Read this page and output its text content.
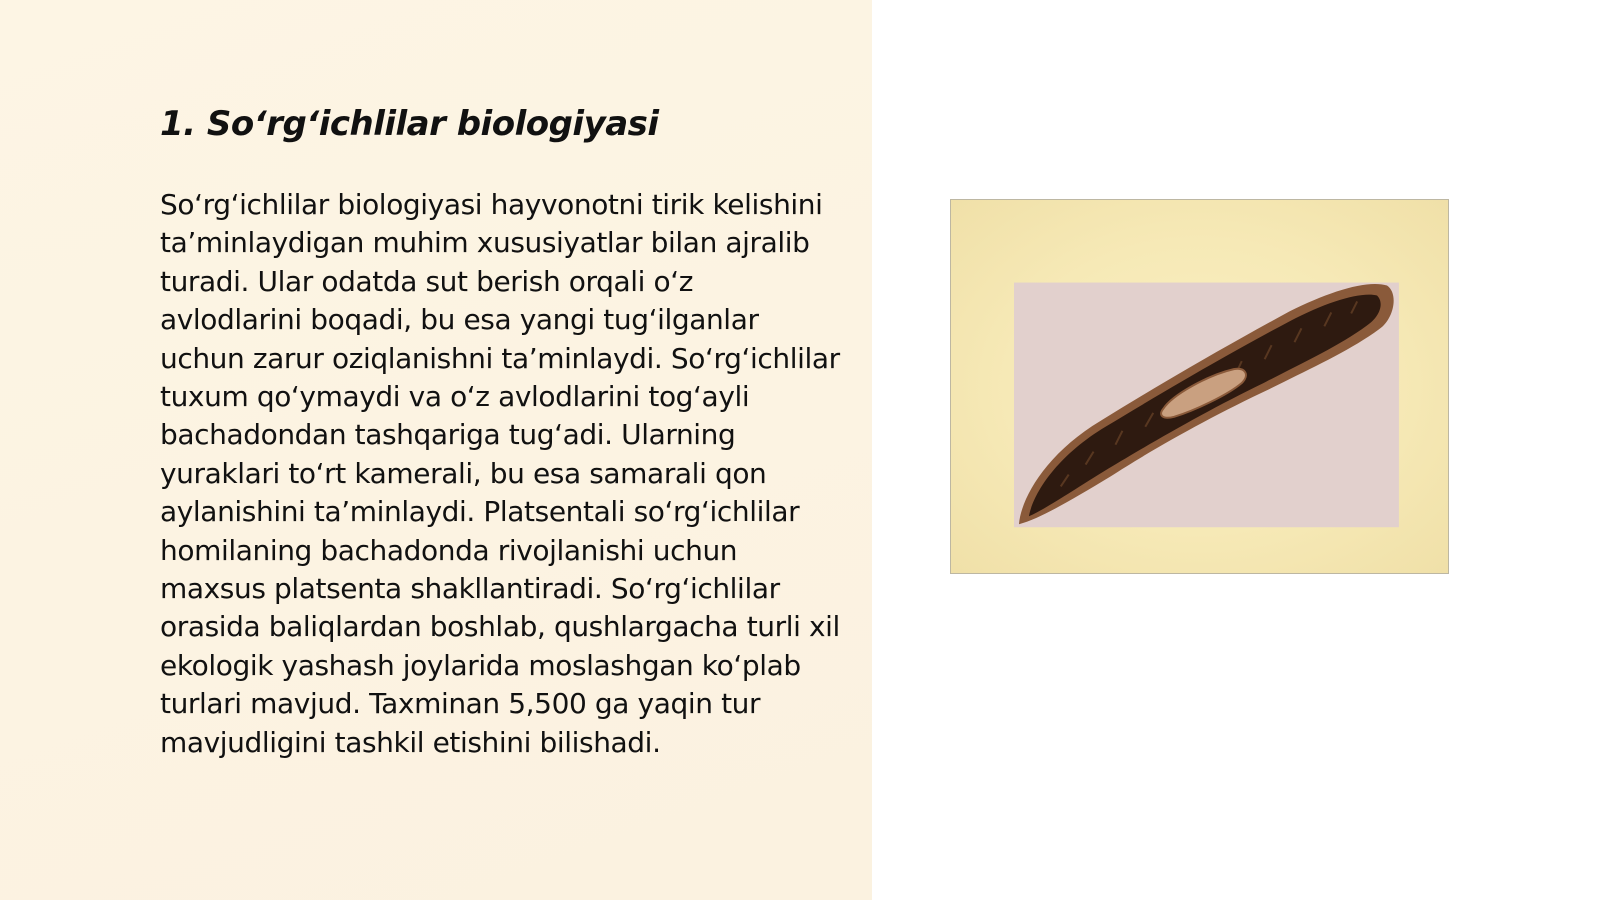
1. So‘rg‘ichlilar biologiyasi

So‘rg‘ichlilar biologiyasi hayvonotni tirik kelishini ta’minlaydigan muhim xususiyatlar bilan ajralib turadi. Ular odatda sut berish orqali o‘z avlodlarini boqadi, bu esa yangi tug‘ilganlar uchun zarur oziqlanishni ta’minlaydi. So‘rg‘ichlilar tuxum qo‘ymaydi va o‘z avlodlarini tog‘ayli bachadondan tashqariga tug‘adi. Ularning yuraklari to‘rt kamerali, bu esa samarali qon aylanishini ta’minlaydi. Platsentali so‘rg‘ichlilar homilaning bachadonda rivojlanishi uchun maxsus platsenta shakllantiradi. So‘rg‘ichlilar orasida baliqlardan boshlab, qushlargacha turli xil ekologik yashash joylarida moslashgan ko‘plab turlari mavjud. Taxminan 5,500 ga yaqin tur mavjudligini tashkil etishini bilishadi.
